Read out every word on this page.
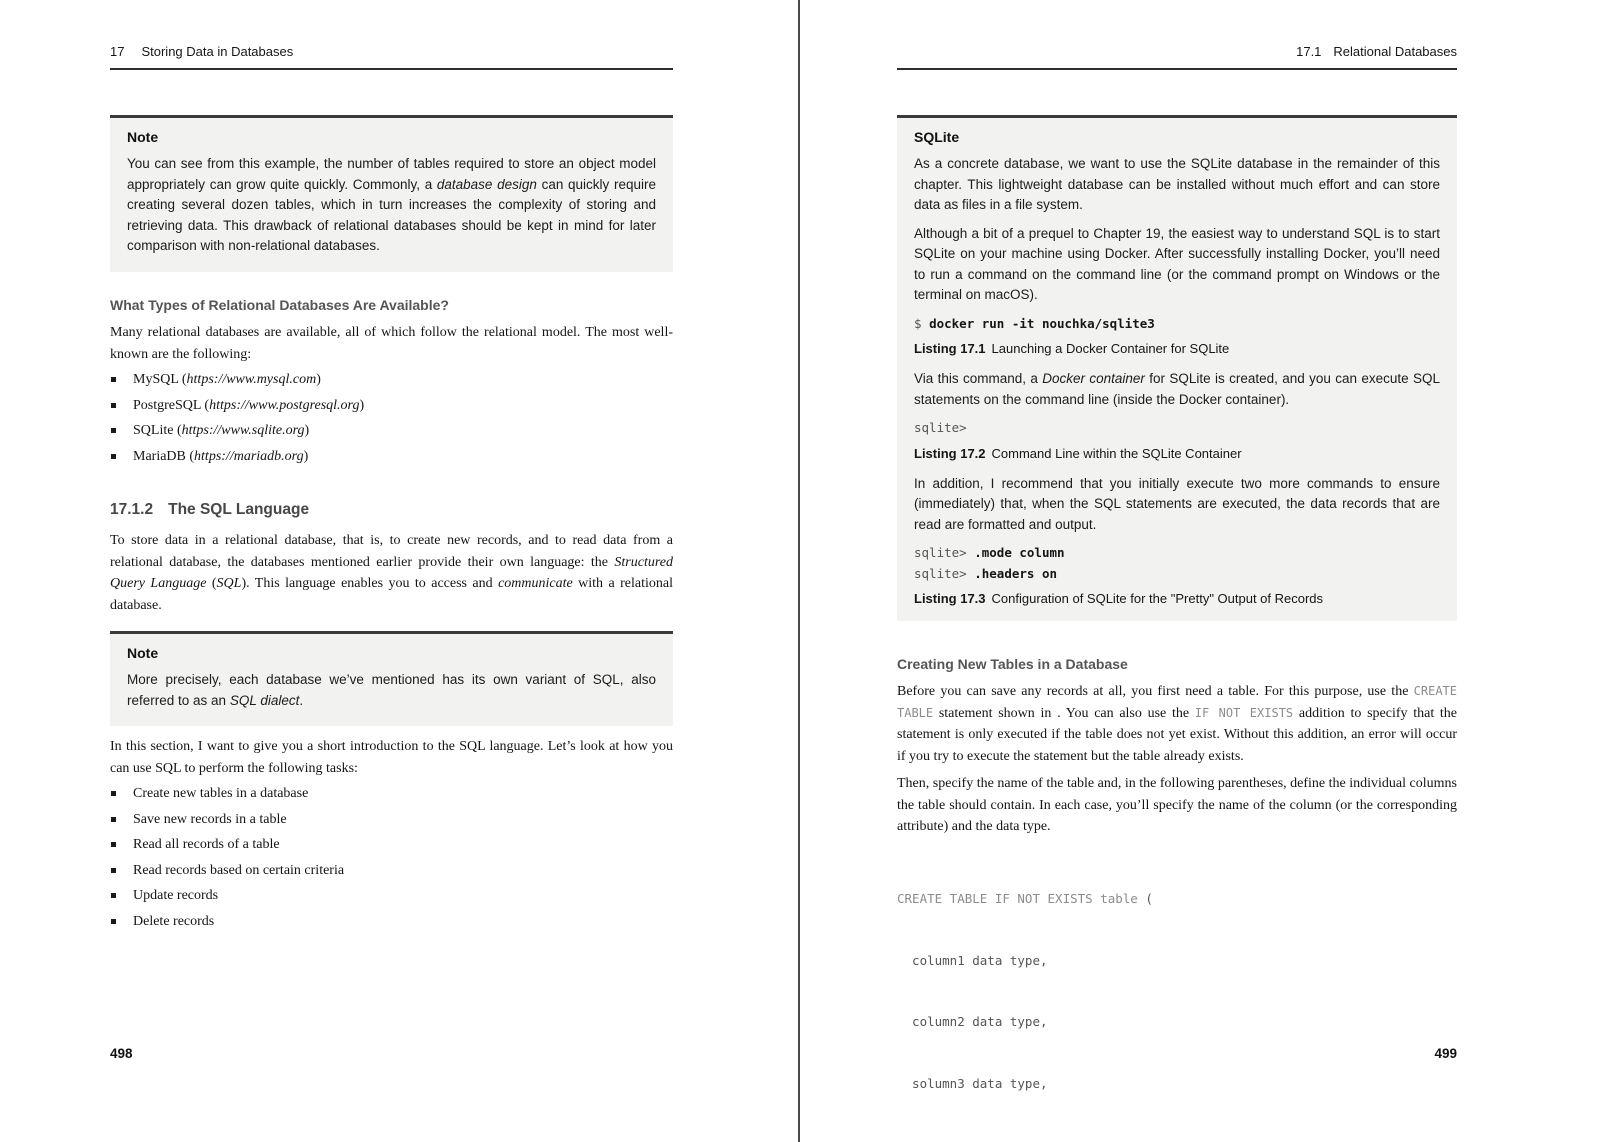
17 Storing Data in Databases
Note

You can see from this example, the number of tables required to store an object model appropriately can grow quite quickly. Commonly, a database design can quickly require creating several dozen tables, which in turn increases the complexity of storing and retrieving data. This drawback of relational databases should be kept in mind for later comparison with non-relational databases.

What Types of Relational Databases Are Available?

Many relational databases are available, all of which follow the relational model. The most well-known are the following:

MySQL (https://www.mysql.com)
PostgreSQL (https://www.postgresql.org)
SQLite (https://www.sqlite.org)
MariaDB (https://mariadb.org)
17.1.2 The SQL Language

To store data in a relational database, that is, to create new records, and to read data from a relational database, the databases mentioned earlier provide their own language: the Structured Query Language (SQL). This language enables you to access and communicate with a relational database.

Note

More precisely, each database we’ve mentioned has its own variant of SQL, also referred to as an SQL dialect.

In this section, I want to give you a short introduction to the SQL language. Let’s look at how you can use SQL to perform the following tasks:

Create new tables in a database
Save new records in a table
Read all records of a table
Read records based on certain criteria
Update records
Delete records
498
17.1 Relational Databases
SQLite

As a concrete database, we want to use the SQLite database in the remainder of this chapter. This lightweight database can be installed without much effort and can store data as files in a file system.

Although a bit of a prequel to Chapter 19, the easiest way to understand SQL is to start SQLite on your machine using Docker. After successfully installing Docker, you’ll need to run a command on the command line (or the command prompt on Windows or the terminal on macOS).

$ docker run -it nouchka/sqlite3
Listing 17.1 Launching a Docker Container for SQLite

Via this command, a Docker container for SQLite is created, and you can execute SQL statements on the command line (inside the Docker container).

sqlite>
Listing 17.2 Command Line within the SQLite Container

In addition, I recommend that you initially execute two more commands to ensure (immediately) that, when the SQL statements are executed, the data records that are read are formatted and output.

sqlite> .mode column
sqlite> .headers on
Listing 17.3 Configuration of SQLite for the "Pretty" Output of Records
Creating New Tables in a Database

Before you can save any records at all, you first need a table. For this purpose, use the CREATE TABLE statement shown in . You can also use the IF NOT EXISTS addition to specify that the statement is only executed if the table does not yet exist. Without this addition, an error will occur if you try to execute the statement but the table already exists.

Then, specify the name of the table and, in the following parentheses, define the individual columns the table should contain. In each case, you’ll specify the name of the column (or the corresponding attribute) and the data type.

CREATE TABLE IF NOT EXISTS table (

column1 data type,

column2 data type,

solumn3 data type,

499
